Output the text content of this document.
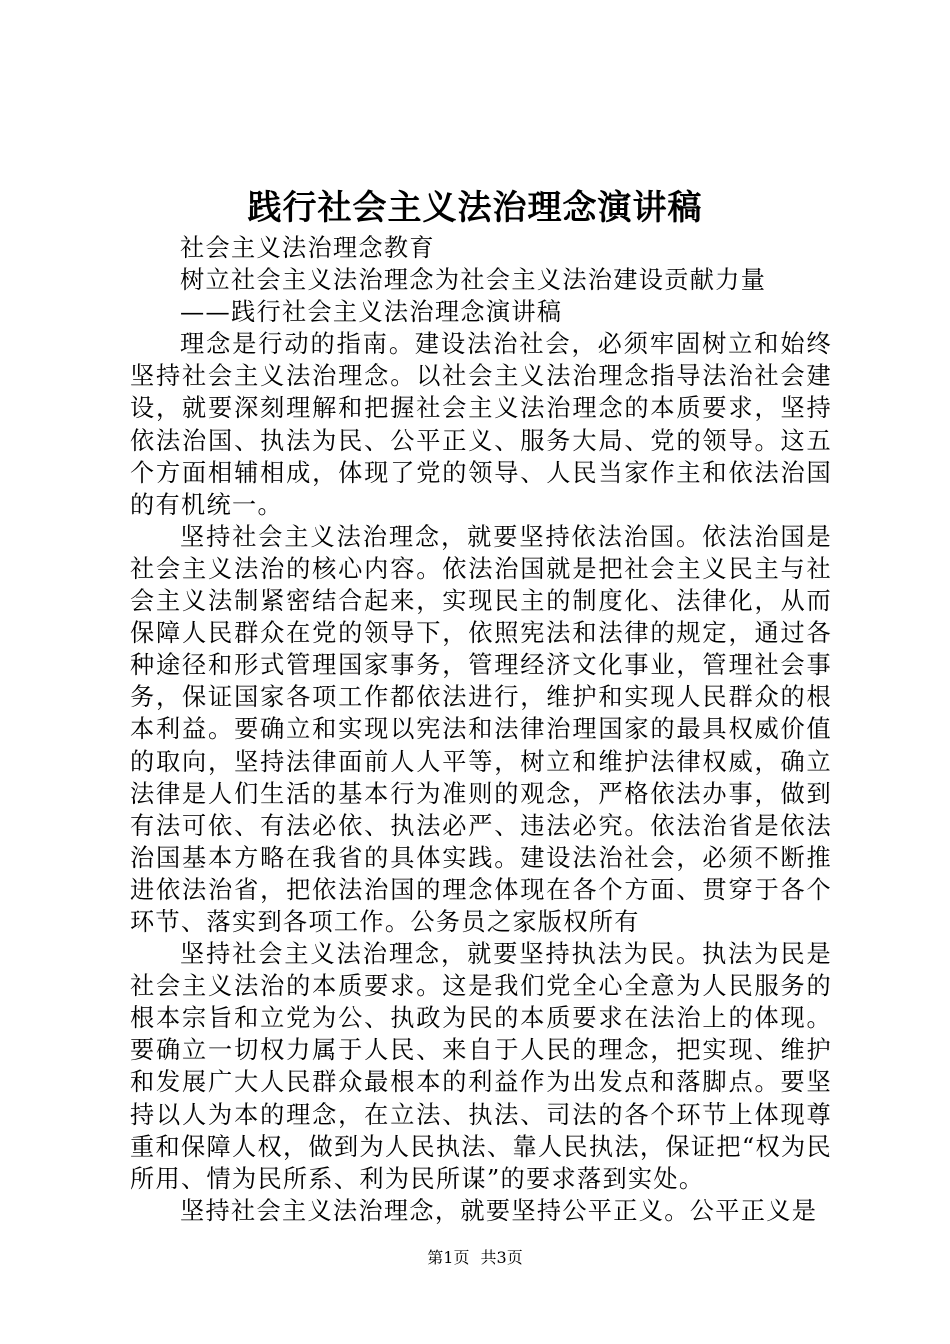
践行社会主义法治理念演讲稿

社会主义法治理念教育

树立社会主义法治理念为社会主义法治建设贡献力量

——践行社会主义法治理念演讲稿

理念是行动的指南。建设法治社会，必须牢固树立和始终坚持社会主义法治理念。以社会主义法治理念指导法治社会建设，就要深刻理解和把握社会主义法治理念的本质要求，坚持依法治国、执法为民、公平正义、服务大局、党的领导。这五个方面相辅相成，体现了党的领导、人民当家作主和依法治国的有机统一。

坚持社会主义法治理念，就要坚持依法治国。依法治国是社会主义法治的核心内容。依法治国就是把社会主义民主与社会主义法制紧密结合起来，实现民主的制度化、法律化，从而保障人民群众在党的领导下，依照宪法和法律的规定，通过各种途径和形式管理国家事务，管理经济文化事业，管理社会事务，保证国家各项工作都依法进行，维护和实现人民群众的根本利益。要确立和实现以宪法和法律治理国家的最具权威价值的取向，坚持法律面前人人平等，树立和维护法律权威，确立法律是人们生活的基本行为准则的观念，严格依法办事，做到有法可依、有法必依、执法必严、违法必究。依法治省是依法治国基本方略在我省的具体实践。建设法治社会，必须不断推进依法治省，把依法治国的理念体现在各个方面、贯穿于各个环节、落实到各项工作。公务员之家版权所有

坚持社会主义法治理念，就要坚持执法为民。执法为民是社会主义法治的本质要求。这是我们党全心全意为人民服务的根本宗旨和立党为公、执政为民的本质要求在法治上的体现。要确立一切权力属于人民、来自于人民的理念，把实现、维护和发展广大人民群众最根本的利益作为出发点和落脚点。要坚持以人为本的理念，在立法、执法、司法的各个环节上体现尊重和保障人权，做到为人民执法、靠人民执法，保证把“权为民所用、情为民所系、利为民所谋”的要求落到实处。

坚持社会主义法治理念，就要坚持公平正义。公平正义是

第1页 共3页
